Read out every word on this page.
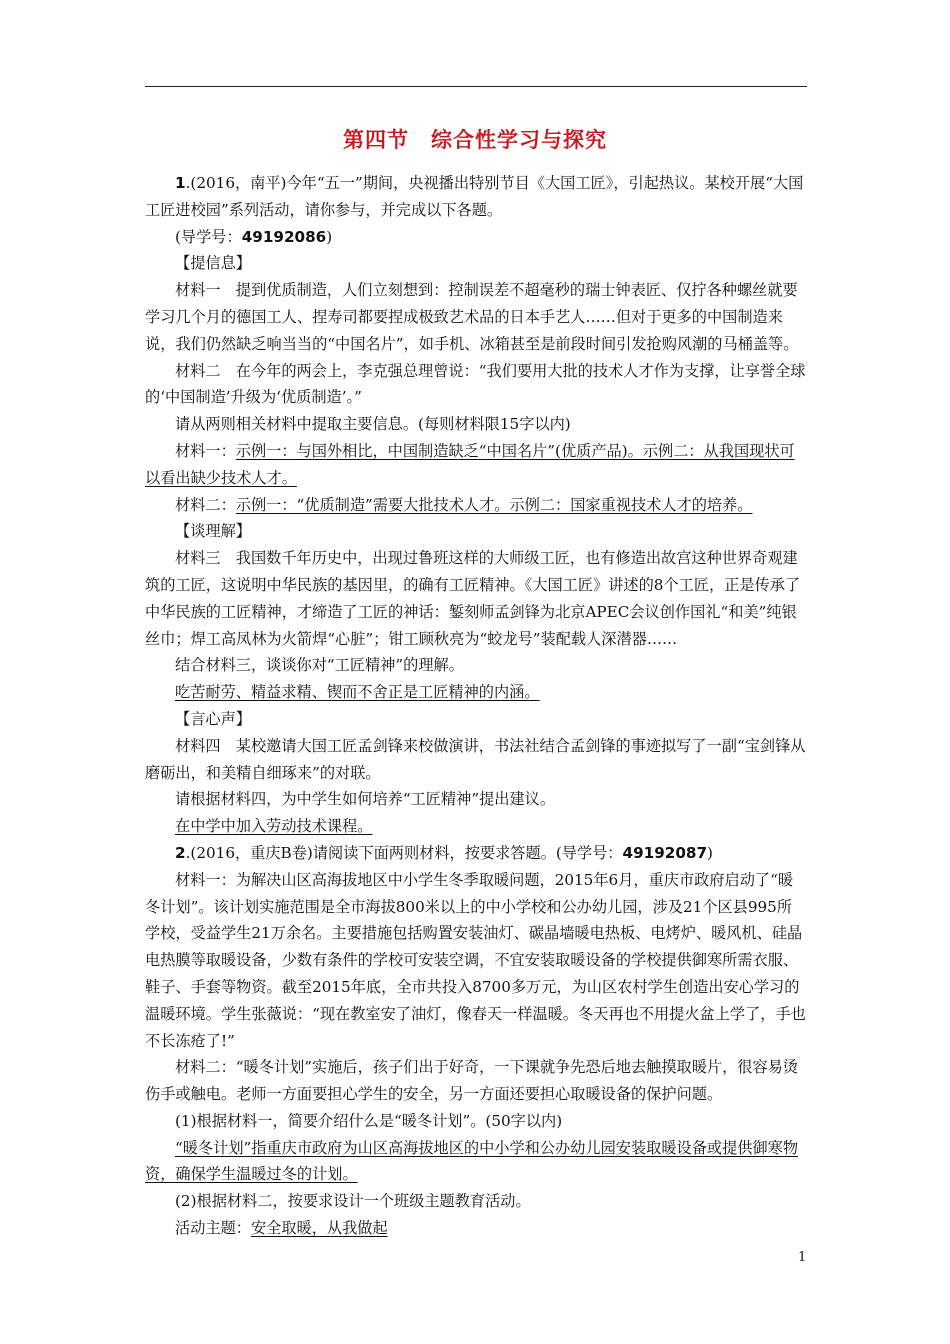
第四节　综合性学习与探究

1.(2016，南平)今年“五一”期间，央视播出特别节目《大国工匠》，引起热议。某校开展“大国工匠进校园”系列活动，请你参与，并完成以下各题。

(导学号：49192086)

【提信息】

材料一　提到优质制造，人们立刻想到：控制误差不超毫秒的瑞士钟表匠、仅拧各种螺丝就要学习几个月的德国工人、捏寿司都要捏成极致艺术品的日本手艺人……但对于更多的中国制造来说，我们仍然缺乏响当当的“中国名片”，如手机、冰箱甚至是前段时间引发抢购风潮的马桶盖等。

材料二　在今年的两会上，李克强总理曾说：“我们要用大批的技术人才作为支撑，让享誉全球的‘中国制造’升级为‘优质制造’。”

请从两则相关材料中提取主要信息。(每则材料限15字以内)

材料一：示例一：与国外相比，中国制造缺乏“中国名片”(优质产品)。示例二：从我国现状可以看出缺少技术人才。

材料二：示例一：“优质制造”需要大批技术人才。示例二：国家重视技术人才的培养。

【谈理解】

材料三　我国数千年历史中，出现过鲁班这样的大师级工匠，也有修造出故宫这种世界奇观建筑的工匠，这说明中华民族的基因里，的确有工匠精神。《大国工匠》讲述的8个工匠，正是传承了中华民族的工匠精神，才缔造了工匠的神话：錾刻师孟剑锋为北京APEC会议创作国礼“和美”纯银丝巾；焊工高凤林为火箭焊“心脏”；钳工顾秋亮为“蛟龙号”装配载人深潜器……

结合材料三，谈谈你对“工匠精神”的理解。

吃苦耐劳、精益求精、锲而不舍正是工匠精神的内涵。

【言心声】

材料四　某校邀请大国工匠孟剑锋来校做演讲，书法社结合孟剑锋的事迹拟写了一副“宝剑锋从磨砺出，和美精自细琢来”的对联。

请根据材料四，为中学生如何培养“工匠精神”提出建议。

在中学中加入劳动技术课程。

2.(2016，重庆B卷)请阅读下面两则材料，按要求答题。(导学号：49192087)

材料一：为解决山区高海拔地区中小学生冬季取暖问题，2015年6月，重庆市政府启动了“暖冬计划”。该计划实施范围是全市海拔800米以上的中小学校和公办幼儿园，涉及21个区县995所学校，受益学生21万余名。主要措施包括购置安装油灯、碳晶墙暖电热板、电烤炉、暖风机、硅晶电热膜等取暖设备，少数有条件的学校可安装空调，不宜安装取暖设备的学校提供御寒所需衣服、鞋子、手套等物资。截至2015年底，全市共投入8700多万元，为山区农村学生创造出安心学习的温暖环境。学生张薇说：“现在教室安了油灯，像春天一样温暖。冬天再也不用提火盆上学了，手也不长冻疮了!”

材料二：“暖冬计划”实施后，孩子们出于好奇，一下课就争先恐后地去触摸取暖片，很容易烫伤手或触电。老师一方面要担心学生的安全，另一方面还要担心取暖设备的保护问题。

(1)根据材料一，简要介绍什么是“暖冬计划”。(50字以内)

“暖冬计划”指重庆市政府为山区高海拔地区的中小学和公办幼儿园安装取暖设备或提供御寒物资，确保学生温暖过冬的计划。

(2)根据材料二，按要求设计一个班级主题教育活动。

活动主题：安全取暖，从我做起

1
